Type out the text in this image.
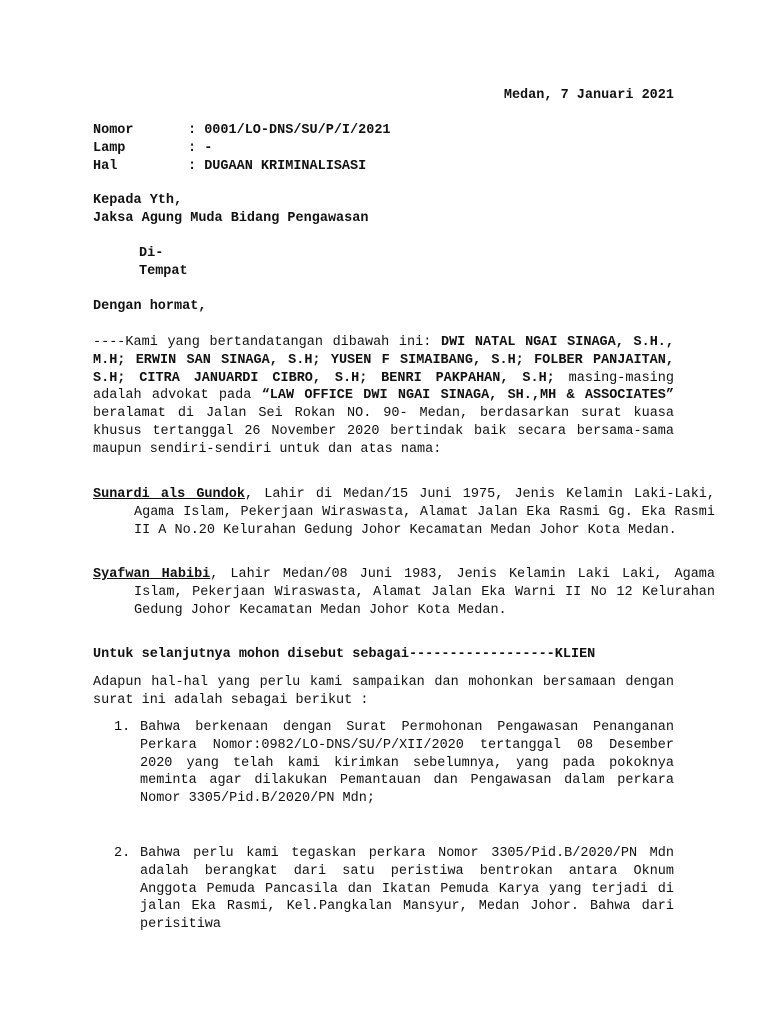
Medan, 7 Januari 2021
Nomor	: 0001/LO-DNS/SU/P/I/2021
Lamp	: -
Hal	: DUGAAN KRIMINALISASI
Kepada Yth,
Jaksa Agung Muda Bidang Pengawasan
Di-
Tempat
Dengan hormat,
----Kami yang bertandatangan dibawah ini: DWI NATAL NGAI SINAGA, S.H., M.H; ERWIN SAN SINAGA, S.H; YUSEN F SIMAIBANG, S.H; FOLBER PANJAITAN, S.H; CITRA JANUARDI CIBRO, S.H; BENRI PAKPAHAN, S.H; masing-masing adalah advokat pada “LAW OFFICE DWI NGAI SINAGA, SH.,MH & ASSOCIATES” beralamat di Jalan Sei Rokan NO. 90- Medan, berdasarkan surat kuasa khusus tertanggal 26 November 2020 bertindak baik secara bersama-sama maupun sendiri-sendiri untuk dan atas nama:
Sunardi als Gundok, Lahir di Medan/15 Juni 1975, Jenis Kelamin Laki-Laki, Agama Islam, Pekerjaan Wiraswasta, Alamat Jalan Eka Rasmi Gg. Eka Rasmi II A No.20 Kelurahan Gedung Johor Kecamatan Medan Johor Kota Medan.
Syafwan Habibi, Lahir Medan/08 Juni 1983, Jenis Kelamin Laki Laki, Agama Islam, Pekerjaan Wiraswasta, Alamat Jalan Eka Warni II No 12 Kelurahan Gedung Johor Kecamatan Medan Johor Kota Medan.
Untuk selanjutnya mohon disebut sebagai------------------KLIEN
Adapun hal-hal yang perlu kami sampaikan dan mohonkan bersamaan dengan surat ini adalah sebagai berikut :
1. Bahwa berkenaan dengan Surat Permohonan Pengawasan Penanganan Perkara Nomor:0982/LO-DNS/SU/P/XII/2020 tertanggal 08 Desember 2020 yang telah kami kirimkan sebelumnya, yang pada pokoknya meminta agar dilakukan Pemantauan dan Pengawasan dalam perkara Nomor 3305/Pid.B/2020/PN Mdn;
2. Bahwa perlu kami tegaskan perkara Nomor 3305/Pid.B/2020/PN Mdn adalah berangkat dari satu peristiwa bentrokan antara Oknum Anggota Pemuda Pancasila dan Ikatan Pemuda Karya yang terjadi di jalan Eka Rasmi, Kel.Pangkalan Mansyur, Medan Johor. Bahwa dari perisitiwa
